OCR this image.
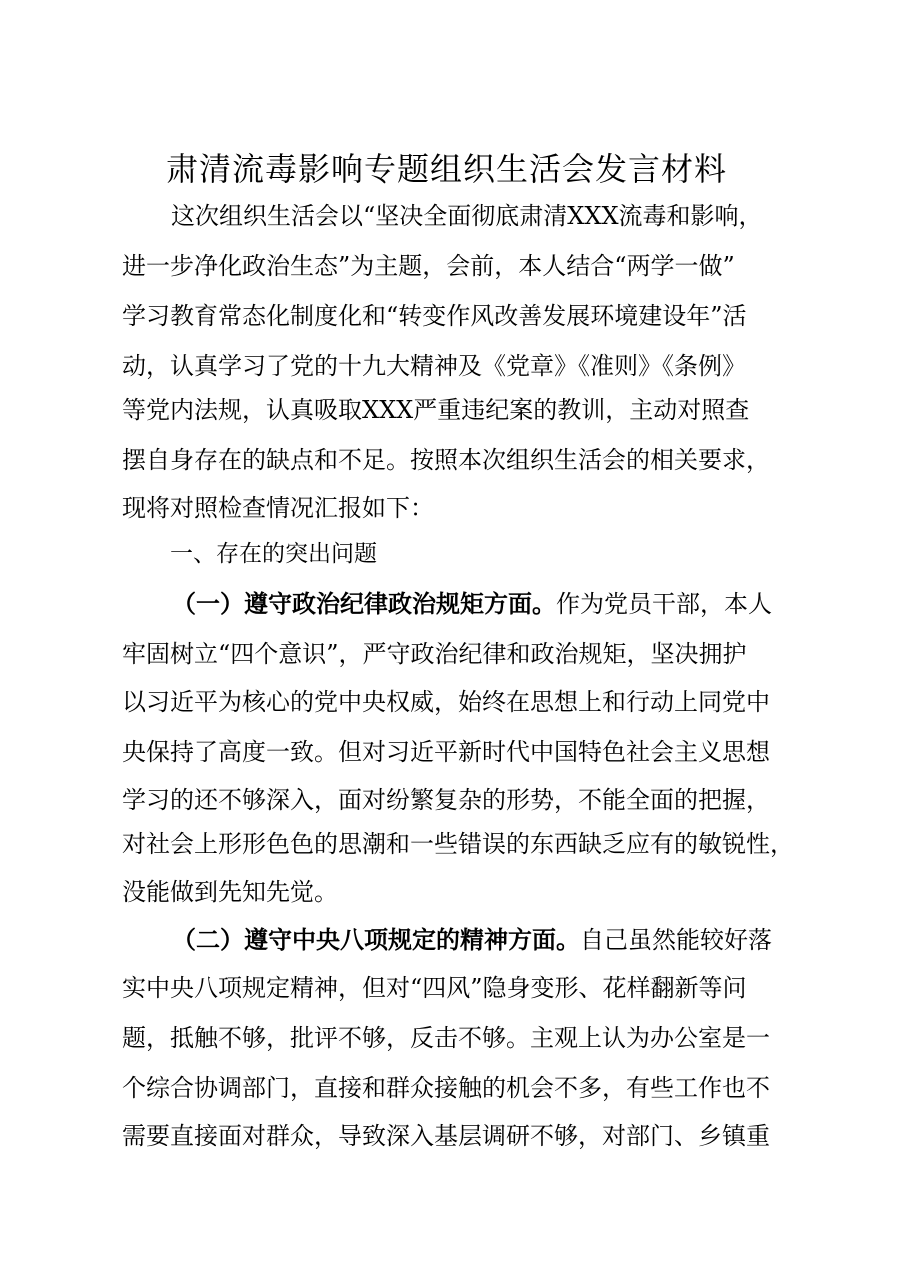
肃清流毒影响专题组织生活会发言材料
这次组织生活会以“坚决全面彻底肃清XXX流毒和影响，
进一步净化政治生态”为主题，会前，本人结合“两学一做”
学习教育常态化制度化和“转变作风改善发展环境建设年”活
动，认真学习了党的十九大精神及《党章》《准则》《条例》
等党内法规，认真吸取XXX严重违纪案的教训，主动对照查
摆自身存在的缺点和不足。按照本次组织生活会的相关要求，
现将对照检查情况汇报如下：
一、存在的突出问题
（一）遵守政治纪律政治规矩方面。作为党员干部，本人
牢固树立“四个意识”，严守政治纪律和政治规矩，坚决拥护
以习近平为核心的党中央权威，始终在思想上和行动上同党中
央保持了高度一致。但对习近平新时代中国特色社会主义思想
学习的还不够深入，面对纷繁复杂的形势，不能全面的把握，
对社会上形形色色的思潮和一些错误的东西缺乏应有的敏锐性，
没能做到先知先觉。
（二）遵守中央八项规定的精神方面。自己虽然能较好落
实中央八项规定精神，但对“四风”隐身变形、花样翻新等问
题，抵触不够，批评不够，反击不够。主观上认为办公室是一
个综合协调部门，直接和群众接触的机会不多，有些工作也不
需要直接面对群众，导致深入基层调研不够，对部门、乡镇重
